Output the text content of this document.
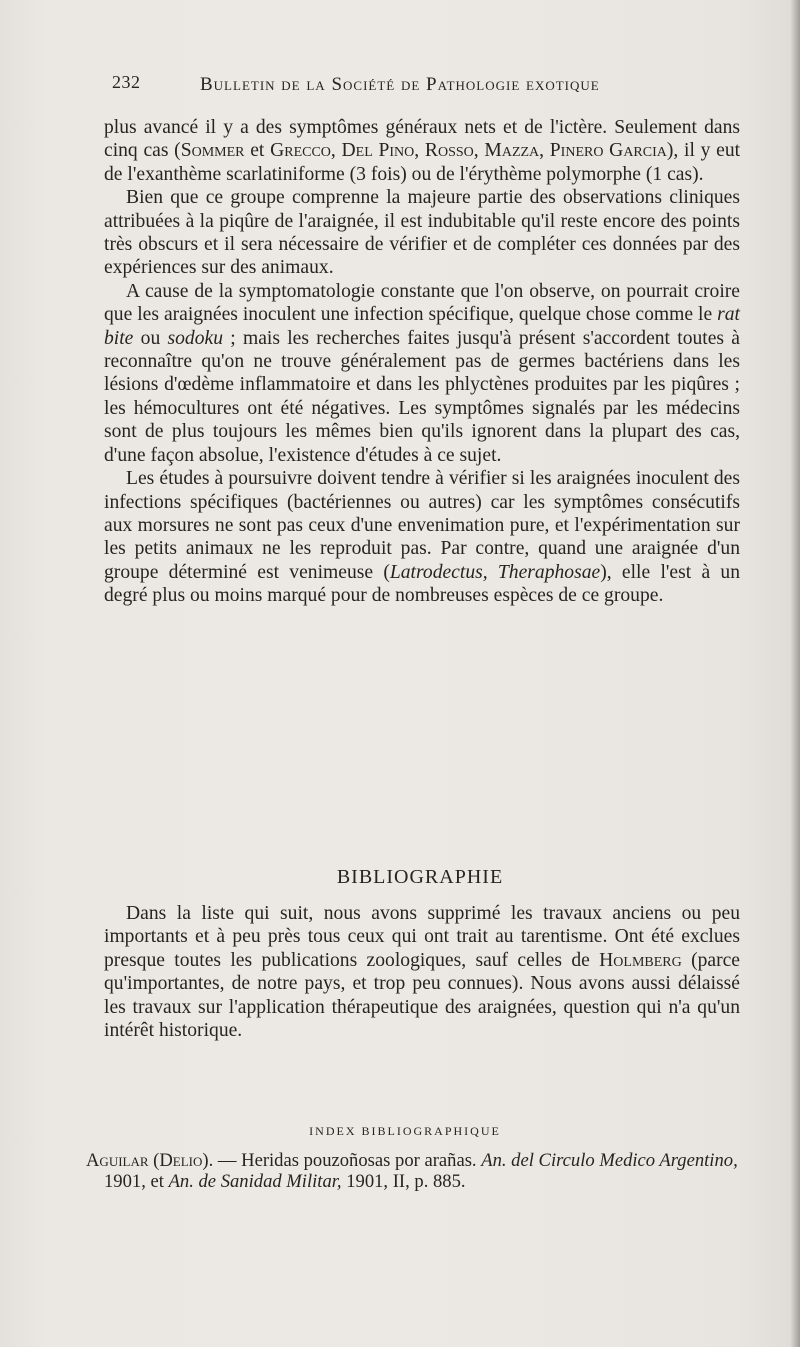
232	Bulletin de la Société de Pathologie exotique

plus avancé il y a des symptômes généraux nets et de l'ictère. Seulement dans cinq cas (Sommer et Grecco, Del Pino, Rosso, Mazza, Pinero Garcia), il y eut de l'exanthème scarlatiniforme (3 fois) ou de l'érythème polymorphe (1 cas).

Bien que ce groupe comprenne la majeure partie des observations cliniques attribuées à la piqûre de l'araignée, il est indubitable qu'il reste encore des points très obscurs et il sera nécessaire de vérifier et de compléter ces données par des expériences sur des animaux.

A cause de la symptomatologie constante que l'on observe, on pourrait croire que les araignées inoculent une infection spécifique, quelque chose comme le rat bite ou sodoku ; mais les recherches faites jusqu'à présent s'accordent toutes à reconnaître qu'on ne trouve généralement pas de germes bactériens dans les lésions d'œdème inflammatoire et dans les phlyctènes produites par les piqûres ; les hémocultures ont été négatives. Les symptômes signalés par les médecins sont de plus toujours les mêmes bien qu'ils ignorent dans la plupart des cas, d'une façon absolue, l'existence d'études à ce sujet.

Les études à poursuivre doivent tendre à vérifier si les araignées inoculent des infections spécifiques (bactériennes ou autres) car les symptômes consécutifs aux morsures ne sont pas ceux d'une envenimation pure, et l'expérimentation sur les petits animaux ne les reproduit pas. Par contre, quand une araignée d'un groupe déterminé est venimeuse (Latrodectus, Theraphosae), elle l'est à un degré plus ou moins marqué pour de nombreuses espèces de ce groupe.

BIBLIOGRAPHIE

Dans la liste qui suit, nous avons supprimé les travaux anciens ou peu importants et à peu près tous ceux qui ont trait au tarentisme. Ont été exclues presque toutes les publications zoologiques, sauf celles de Holmberg (parce qu'importantes, de notre pays, et trop peu connues). Nous avons aussi délaissé les travaux sur l'application thérapeutique des araignées, question qui n'a qu'un intérêt historique.

INDEX BIBLIOGRAPHIQUE
Aguilar (Delio). — Heridas pouzoñosas por arañas. An. del Circulo Medico Argentino, 1901, et An. de Sanidad Militar, 1901, II, p. 885.
